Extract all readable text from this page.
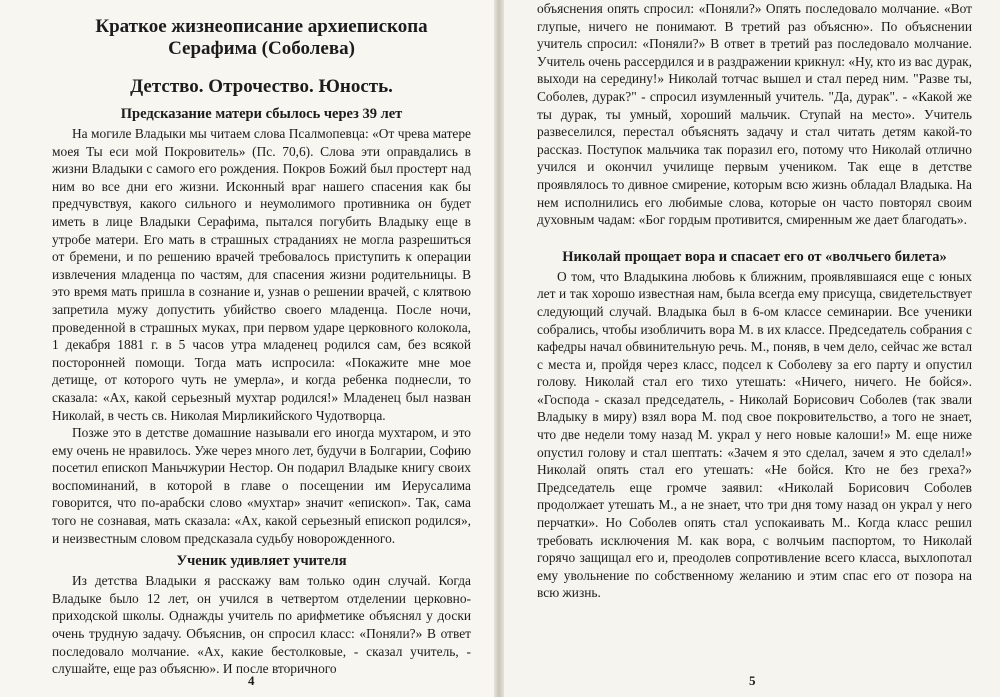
Краткое жизнеописание архиепископа Серафима (Соболева)
Детство. Отрочество. Юность.
Предсказание матери сбылось через 39 лет

На могиле Владыки мы читаем слова Псалмопевца: «От чрева матере моея Ты еси мой Покровитель» (Пс. 70,6). Слова эти оправдались в жизни Владыки с самого его рождения. Покров Божий был простерт над ним во все дни его жизни. Исконный враг нашего спасения как бы предчувствуя, какого сильного и неумолимого противника он будет иметь в лице Владыки Серафима, пытался погубить Владыку еще в утробе матери. Его мать в страшных страданиях не могла разрешиться от бремени, и по решению врачей требовалось приступить к операции извлечения младенца по частям, для спасения жизни родительницы. В это время мать пришла в сознание и, узнав о решении врачей, с клятвою запретила мужу допустить убийство своего младенца. После ночи, проведенной в страшных муках, при первом ударе церковного колокола, 1 декабря 1881 г. в 5 часов утра младенец родился сам, без всякой посторонней помощи. Тогда мать испросила: «Покажите мне мое детище, от которого чуть не умерла», и когда ребенка поднесли, то сказала: «Ах, какой серьезный мухтар родился!» Младенец был назван Николай, в честь св. Николая Мирликийского Чудотворца.

Позже это в детстве домашние называли его иногда мухтаром, и это ему очень не нравилось. Уже через много лет, будучи в Болгарии, Софию посетил епископ Маньчжурии Нестор. Он подарил Владыке книгу своих воспоминаний, в которой в главе о посещении им Иерусалима говорится, что по-арабски слово «мухтар» значит «епископ». Так, сама того не сознавая, мать сказала: «Ах, какой серьезный епископ родился», и неизвестным словом предсказала судьбу новорожденного.

Ученик удивляет учителя

Из детства Владыки я расскажу вам только один случай. Когда Владыке было 12 лет, он учился в четвертом отделении церковно-приходской школы. Однажды учитель по арифметике объяснял у доски очень трудную задачу. Объяснив, он спросил класс: «Поняли?» В ответ последовало молчание. «Ах, какие бестолковые, - сказал учитель, - слушайте, еще раз объясню». И после вторичного

4

объяснения опять спросил: «Поняли?» Опять последовало молчание. «Вот глупые, ничего не понимают. В третий раз объясню». По объяснении учитель спросил: «Поняли?» В ответ в третий раз последовало молчание. Учитель очень рассердился и в раздражении крикнул: «Ну, кто из вас дурак, выходи на середину!» Николай тотчас вышел и стал перед ним. "Разве ты, Соболев, дурак?" - спросил изумленный учитель. "Да, дурак". - «Какой же ты дурак, ты умный, хороший мальчик. Ступай на место». Учитель развеселился, перестал объяснять задачу и стал читать детям какой-то рассказ. Поступок мальчика так поразил его, потому что Николай отлично учился и окончил училище первым учеником. Так еще в детстве проявлялось то дивное смирение, которым всю жизнь обладал Владыка. На нем исполнились его любимые слова, которые он часто повторял своим духовным чадам: «Бог гордым противится, смиренным же дает благодать».

Николай прощает вора и спасает его от «волчьего билета»

О том, что Владыкина любовь к ближним, проявлявшаяся еще с юных лет и так хорошо известная нам, была всегда ему присуща, свидетельствует следующий случай. Владыка был в 6-ом классе семинарии. Все ученики собрались, чтобы изобличить вора М. в их классе. Председатель собрания с кафедры начал обвинительную речь. М., поняв, в чем дело, сейчас же встал с места и, пройдя через класс, подсел к Соболеву за его парту и опустил голову. Николай стал его тихо утешать: «Ничего, ничего. Не бойся». «Господа - сказал председатель, - Николай Борисович Соболев (так звали Владыку в миру) взял вора М. под свое покровительство, а того не знает, что две недели тому назад М. украл у него новые калоши!» М. еще ниже опустил голову и стал шептать: «Зачем я это сделал, зачем я это сделал!» Николай опять стал его утешать: «Не бойся. Кто не без греха?» Председатель еще громче заявил: «Николай Борисович Соболев продолжает утешать М., а не знает, что три дня тому назад он украл у него перчатки». Но Соболев опять стал успокаивать М.. Когда класс решил требовать исключения М. как вора, с волчьим паспортом, то Николай горячо защищал его и, преодолев сопротивление всего класса, выхлопотал ему увольнение по собственному желанию и этим спас его от позора на всю жизнь.

5
